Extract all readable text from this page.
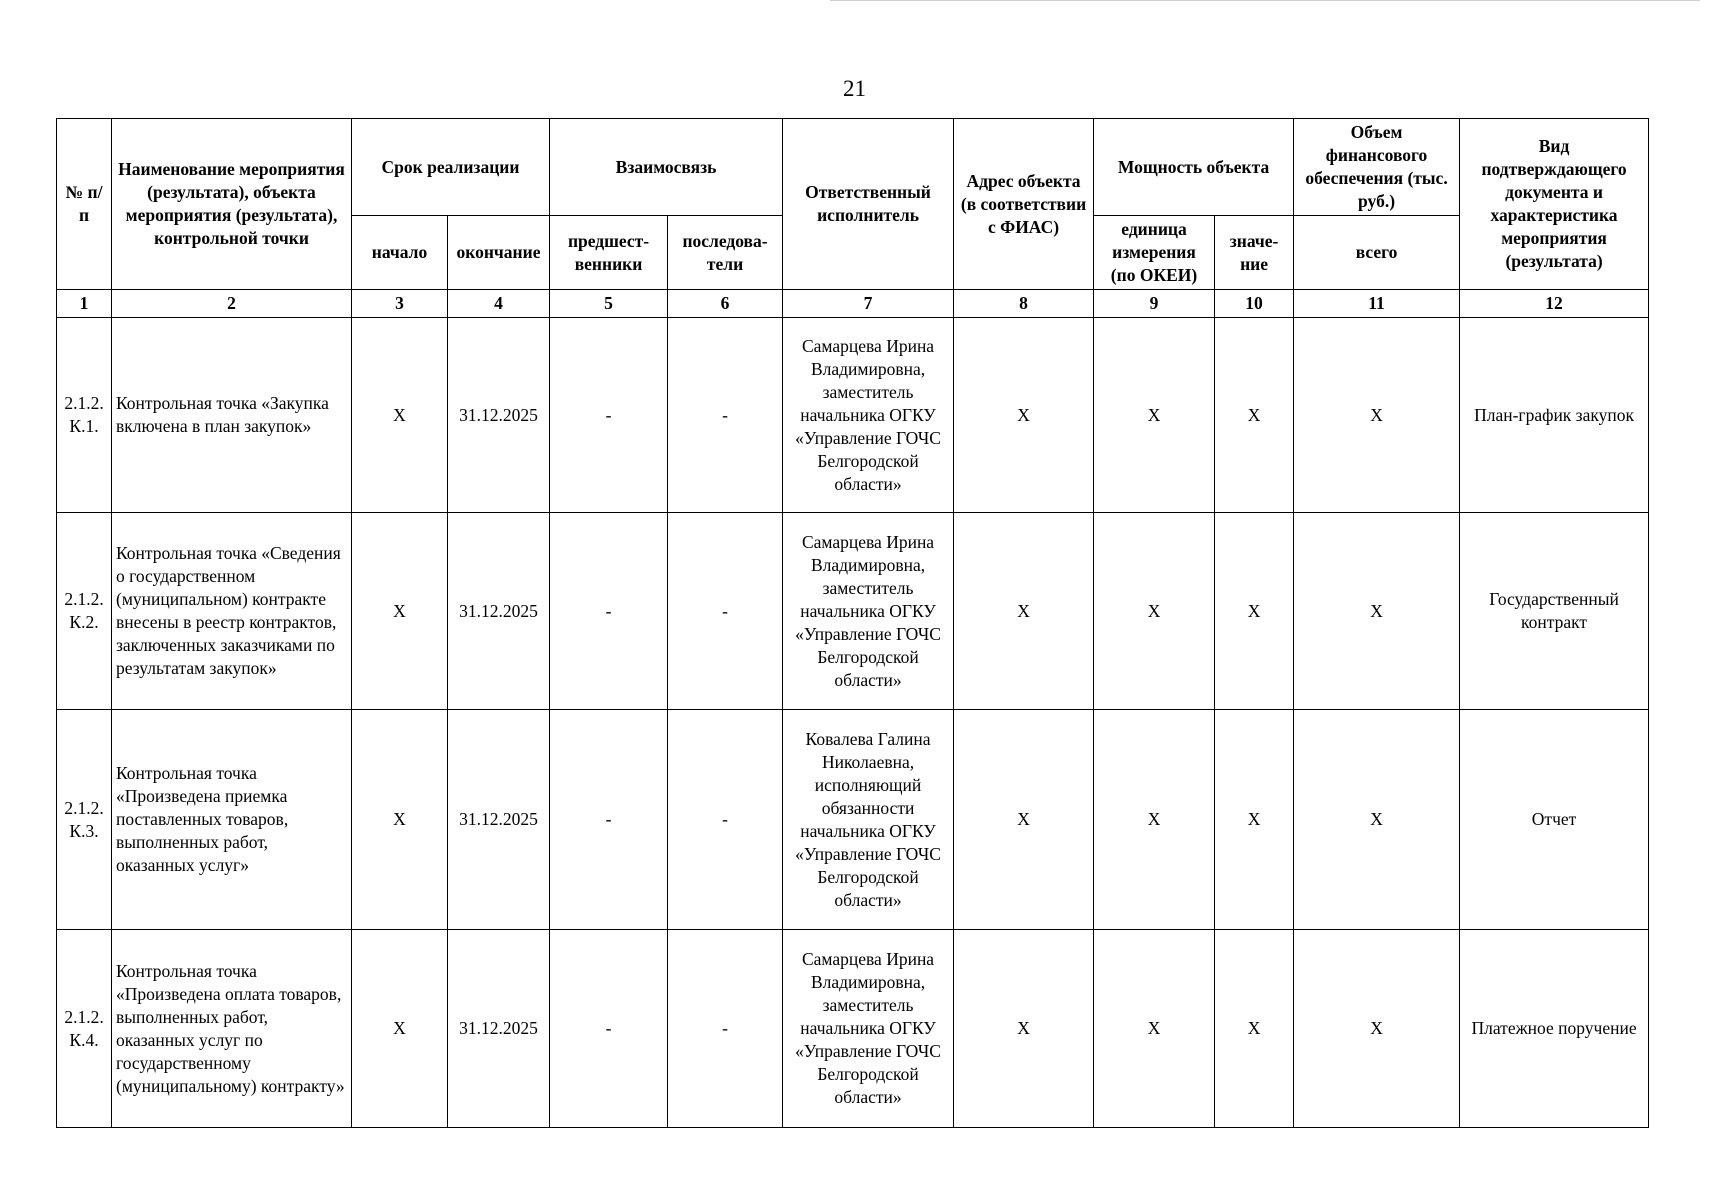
21
№ п/п	Наименование мероприятия (результата), объекта мероприятия (результата), контрольной точки	Срок реализации		Взаимосвязь		Ответственный исполнитель	Адрес объекта (в соответствии с ФИАС)	Мощность объекта		Объем финансового обеспечения (тыс. руб.)	Вид подтверждающего документа и характеристика мероприятия (результата)
		начало	окончание	предшест-венники	последова-тели			единица измерения (по ОКЕИ)	значе-ние	всего	
1	2	3	4	5	6	7	8	9	10	11	12
2.1.2. К.1.	Контрольная точка «Закупка включена в план закупок»	Х	31.12.2025	-	-	Самарцева Ирина Владимировна, заместитель начальника ОГКУ «Управление ГОЧС Белгородской области»	Х	Х	Х	Х	План-график закупок
2.1.2. К.2.	Контрольная точка «Сведения о государственном (муниципальном) контракте внесены в реестр контрактов, заключенных заказчиками по результатам закупок»	Х	31.12.2025	-	-	Самарцева Ирина Владимировна, заместитель начальника ОГКУ «Управление ГОЧС Белгородской области»	Х	Х	Х	Х	Государственный контракт
2.1.2. К.3.	Контрольная точка «Произведена приемка поставленных товаров, выполненных работ, оказанных услуг»	Х	31.12.2025	-	-	Ковалева Галина Николаевна, исполняющий обязанности начальника ОГКУ «Управление ГОЧС Белгородской области»	Х	Х	Х	Х	Отчет
2.1.2. К.4.	Контрольная точка «Произведена оплата товаров, выполненных работ, оказанных услуг по государственному (муниципальному) контракту»	Х	31.12.2025	-	-	Самарцева Ирина Владимировна, заместитель начальника ОГКУ «Управление ГОЧС Белгородской области»	Х	Х	Х	Х	Платежное поручение
